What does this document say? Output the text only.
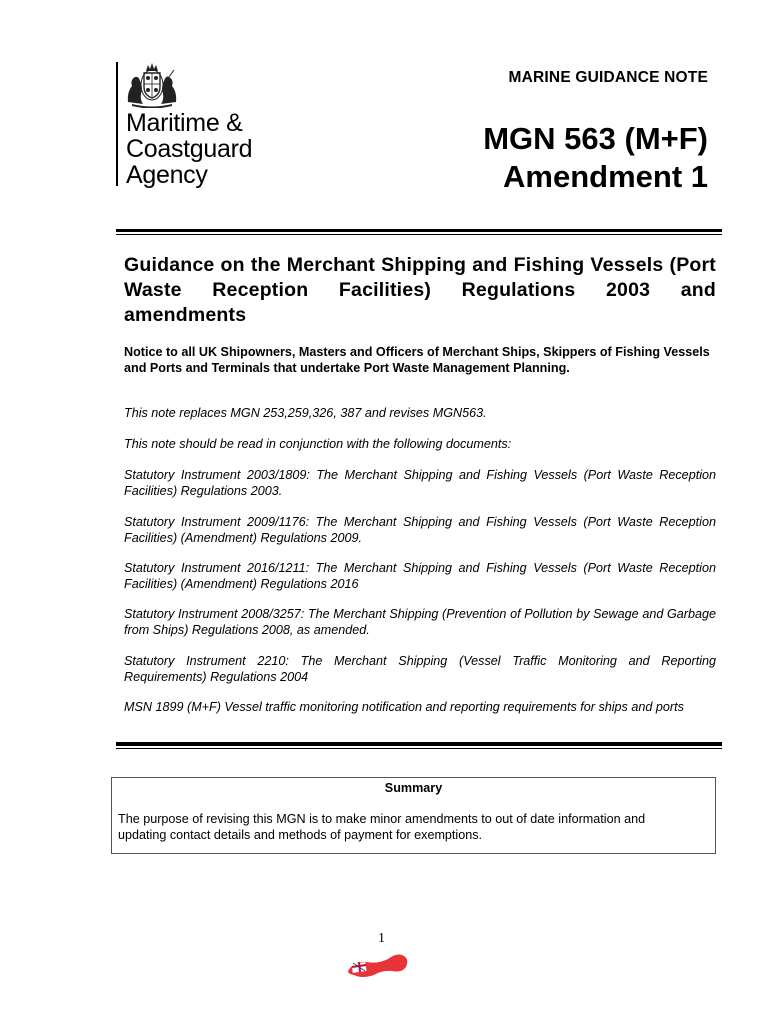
Maritime &
Coastguard
Agency
MARINE GUIDANCE NOTE
MGN 563 (M+F)
Amendment 1
Guidance on the Merchant Shipping and Fishing Vessels (Port Waste Reception Facilities) Regulations 2003 and amendments
Notice to all UK Shipowners, Masters and Officers of Merchant Ships, Skippers of Fishing Vessels and Ports and Terminals that undertake Port Waste Management Planning.
This note replaces MGN 253,259,326, 387 and revises MGN563.
This note should be read in conjunction with the following documents:
Statutory Instrument 2003/1809: The Merchant Shipping and Fishing Vessels (Port Waste Reception Facilities) Regulations 2003.
Statutory Instrument 2009/1176: The Merchant Shipping and Fishing Vessels (Port Waste Reception Facilities) (Amendment) Regulations 2009.
Statutory Instrument 2016/1211: The Merchant Shipping and Fishing Vessels (Port Waste Reception Facilities) (Amendment) Regulations 2016
Statutory Instrument 2008/3257: The Merchant Shipping (Prevention of Pollution by Sewage and Garbage from Ships) Regulations 2008, as amended.
Statutory Instrument 2210: The Merchant Shipping (Vessel Traffic Monitoring and Reporting Requirements) Regulations 2004
MSN 1899 (M+F) Vessel traffic monitoring notification and reporting requirements for ships and ports
Summary
The purpose of revising this MGN is to make minor amendments to out of date information and updating contact details and methods of payment for exemptions.
1
